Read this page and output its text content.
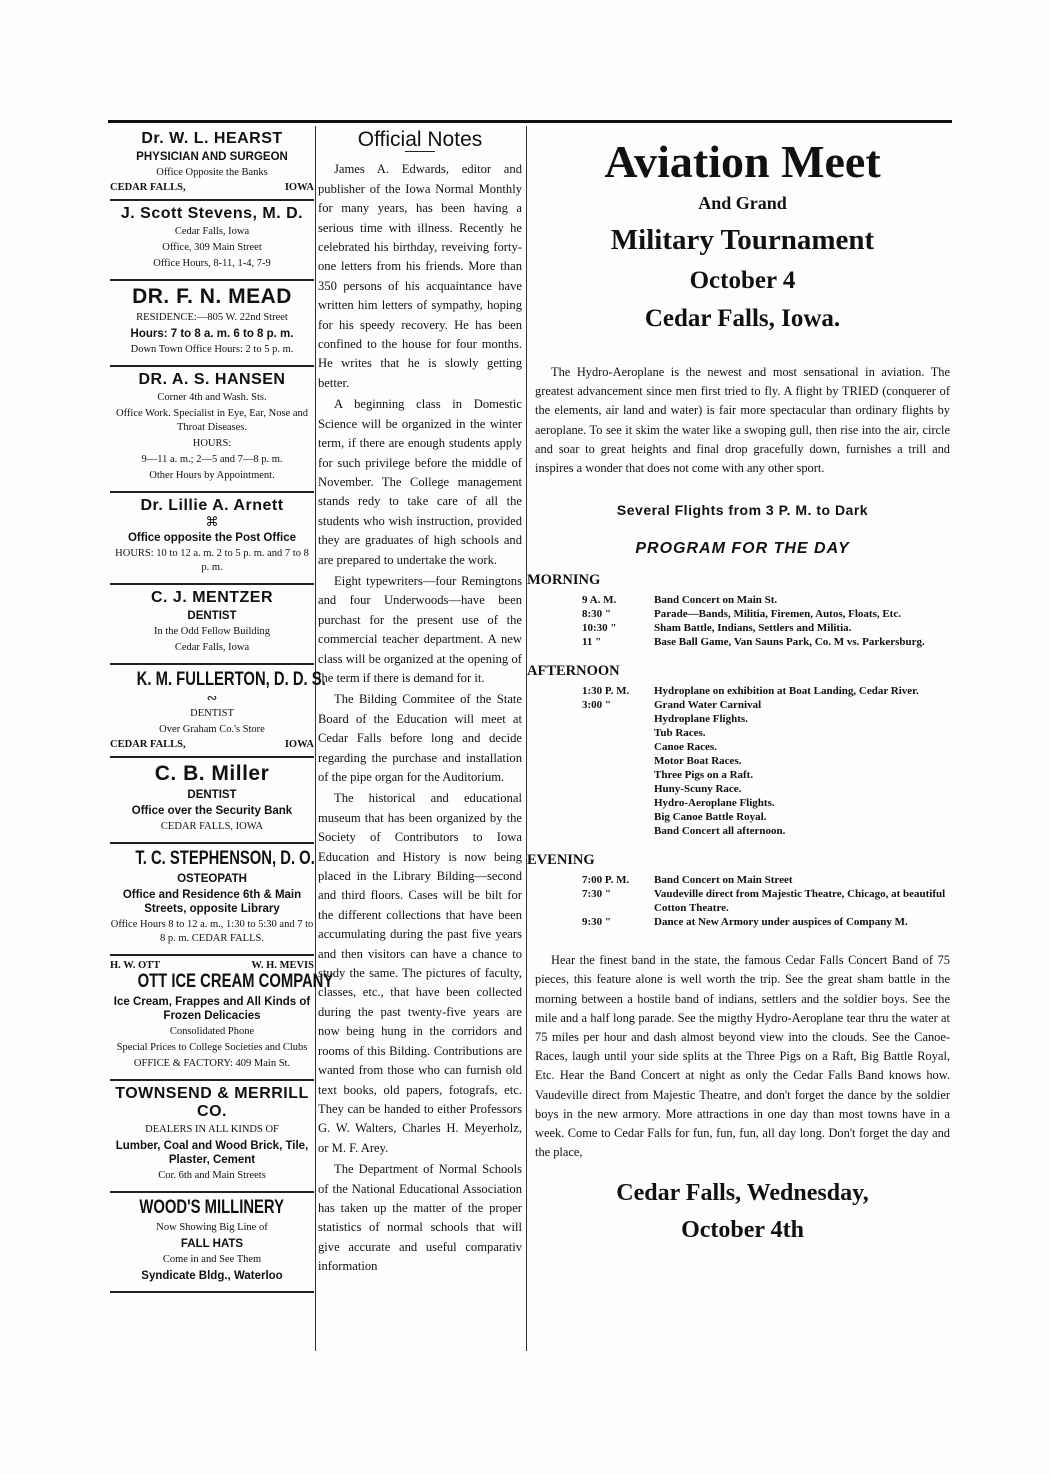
Dr. W. L. HEARST
PHYSICIAN AND SURGEON
Office Opposite the Banks
CEDAR FALLS,	IOWA
J. Scott Stevens, M. D.
Cedar Falls, Iowa
Office, 309 Main Street
Office Hours, 8-11, 1-4, 7-9
DR. F. N. MEAD
RESIDENCE:—805 W. 22nd Street
Hours: 7 to 8 a. m. 6 to 8 p. m.
Down Town Office Hours: 2 to 5 p. m.
DR. A. S. HANSEN
Corner 4th and Wash. Sts.
Office Work. Specialist in Eye, Ear, Nose and Throat Diseases.
HOURS:
9—11 a. m.; 2—5 and 7—8 p. m.
Other Hours by Appointment.
Dr. Lillie A. Arnett
⌘
Office opposite the Post Office
HOURS: 10 to 12 a. m. 2 to 5 p. m. and 7 to 8 p. m.
C. J. MENTZER
DENTIST
In the Odd Fellow Building
Cedar Falls, Iowa
K. M. FULLERTON, D. D. S.
∾
DENTIST
Over Graham Co.'s Store
CEDAR FALLS,	IOWA
C. B. Miller
DENTIST
Office over the Security Bank
CEDAR FALLS, IOWA
T. C. STEPHENSON, D. O.
OSTEOPATH
Office and Residence 6th & Main Streets, opposite Library
Office Hours 8 to 12 a. m., 1:30 to 5:30 and 7 to 8 p. m. CEDAR FALLS.
H. W. OTT	W. H. MEVIS
OTT ICE CREAM COMPANY
Ice Cream, Frappes and All Kinds of Frozen Delicacies
Consolidated Phone
Special Prices to College Societies and Clubs
OFFICE & FACTORY: 409 Main St.
TOWNSEND & MERRILL CO.
DEALERS IN ALL KINDS OF
Lumber, Coal and Wood Brick, Tile, Plaster, Cement
Cor. 6th and Main Streets
WOOD'S MILLINERY
Now Showing Big Line of
FALL HATS
Come in and See Them
Syndicate Bldg., Waterloo
Official Notes

James A. Edwards, editor and publisher of the Iowa Normal Monthly for many years, has been having a serious time with illness. Recently he celebrated his birthday, reveiving forty-one letters from his friends. More than 350 persons of his acquaintance have written him letters of sympathy, hoping for his speedy recovery. He has been confined to the house for four months. He writes that he is slowly getting better.

A beginning class in Domestic Science will be organized in the winter term, if there are enough students apply for such privilege before the middle of November. The College management stands redy to take care of all the students who wish instruction, provided they are graduates of high schools and are prepared to undertake the work.

Eight typewriters—four Remingtons and four Underwoods—have been purchast for the present use of the commercial teacher department. A new class will be organized at the opening of the term if there is demand for it.

The Bilding Commitee of the State Board of the Education will meet at Cedar Falls before long and decide regarding the purchase and installation of the pipe organ for the Auditorium.

The historical and educational museum that has been organized by the Society of Contributors to Iowa Education and History is now being placed in the Library Bilding—second and third floors. Cases will be bilt for the different collections that have been accumulating during the past five years and then visitors can have a chance to study the same. The pictures of faculty, classes, etc., that have been collected during the past twenty-five years are now being hung in the corridors and rooms of this Bilding. Contributions are wanted from those who can furnish old text books, old papers, fotografs, etc. They can be handed to either Professors G. W. Walters, Charles H. Meyerholz, or M. F. Arey.

The Department of Normal Schools of the National Educational Association has taken up the matter of the proper statistics of normal schools that will give accurate and useful comparativ information

Aviation Meet
And Grand
Military Tournament
October 4
Cedar Falls, Iowa.

The Hydro-Aeroplane is the newest and most sensational in aviation. The greatest advancement since men first tried to fly. A flight by TRIED (conquerer of the elements, air land and water) is fair more spectacular than ordinary flights by aeroplane. To see it skim the water like a swoping gull, then rise into the air, circle and soar to great heights and final drop gracefully down, furnishes a trill and inspires a wonder that does not come with any other sport.

Several Flights from 3 P. M. to Dark
PROGRAM FOR THE DAY
MORNING
9 A. M.	Band Concert on Main St.
8:30 "	Parade—Bands, Militia, Firemen, Autos, Floats, Etc.
10:30 "	Sham Battle, Indians, Settlers and Militia.
11 "	Base Ball Game, Van Sauns Park, Co. M vs. Parkersburg.
AFTERNOON
1:30 P. M.	Hydroplane on exhibition at Boat Landing, Cedar River.
3:00 "	Grand Water Carnival
Hydroplane Flights.
Tub Races.
Canoe Races.
Motor Boat Races.
Three Pigs on a Raft.
Huny-Scuny Race.
Hydro-Aeroplane Flights.
Big Canoe Battle Royal.
Band Concert all afternoon.
EVENING
7:00 P. M.	Band Concert on Main Street
7:30 "	Vaudeville direct from Majestic Theatre, Chicago, at beautiful Cotton Theatre.
9:30 "	Dance at New Armory under auspices of Company M.

Hear the finest band in the state, the famous Cedar Falls Concert Band of 75 pieces, this feature alone is well worth the trip. See the great sham battle in the morning between a hostile band of indians, settlers and the soldier boys. See the mile and a half long parade. See the migthy Hydro-Aeroplane tear thru the water at 75 miles per hour and dash almost beyond view into the clouds. See the Canoe-Races, laugh until your side splits at the Three Pigs on a Raft, Big Battle Royal, Etc. Hear the Band Concert at night as only the Cedar Falls Band knows how. Vaudeville direct from Majestic Theatre, and don't forget the dance by the soldier boys in the new armory. More attractions in one day than most towns have in a week. Come to Cedar Falls for fun, fun, fun, all day long. Don't forget the day and the place,

Cedar Falls, Wednesday,
October 4th
